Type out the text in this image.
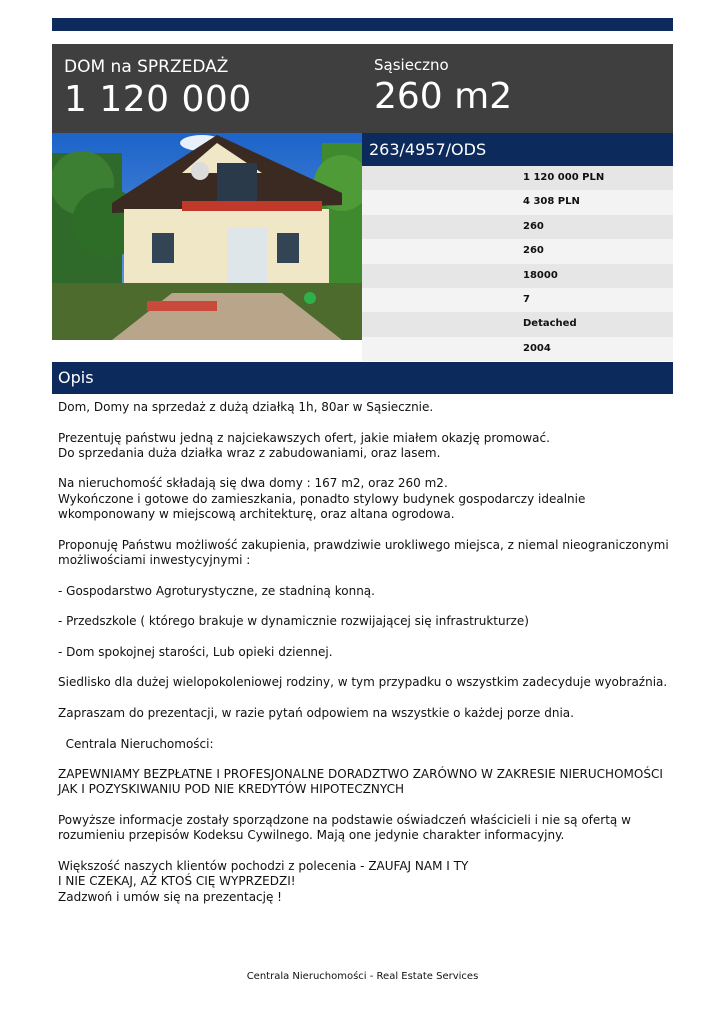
DOM na SPRZEDAŻ
1 120 000
Sąsieczno
260 m2
263/4957/ODS
1 120 000 PLN
4 308 PLN
260
260
18000
7
Detached
2004
Opis

Dom, Domy na sprzedaż z dużą działką 1h, 80ar w Sąsiecznie.

Prezentuję państwu jedną z najciekawszych ofert, jakie miałem okazję promować.
Do sprzedania duża działka wraz z zabudowaniami, oraz lasem.

Na nieruchomość składają się dwa domy : 167 m2, oraz 260 m2.
Wykończone i gotowe do zamieszkania, ponadto stylowy budynek gospodarczy idealnie wkomponowany w miejscową architekturę, oraz altana ogrodowa.

Proponuję Państwu możliwość zakupienia, prawdziwie urokliwego miejsca, z niemal nieograniczonymi możliwościami inwestycyjnymi :

- Gospodarstwo Agroturystyczne, ze stadniną konną.

- Przedszkole ( którego brakuje w dynamicznie rozwijającej się infrastrukturze)

- Dom spokojnej starości, Lub opieki dziennej.

Siedlisko dla dużej wielopokoleniowej rodziny, w tym przypadku o wszystkim zadecyduje wyobraźnia.

Zapraszam do prezentacji, w razie pytań odpowiem na wszystkie o każdej porze dnia.

Centrala Nieruchomości:

ZAPEWNIAMY BEZPŁATNE I PROFESJONALNE DORADZTWO ZARÓWNO W ZAKRESIE NIERUCHOMOŚCI JAK I POZYSKIWANIU POD NIE KREDYTÓW HIPOTECZNYCH

Powyższe informacje zostały sporządzone na podstawie oświadczeń właścicieli i nie są ofertą w rozumieniu przepisów Kodeksu Cywilnego. Mają one jedynie charakter informacyjny.

Większość naszych klientów pochodzi z polecenia - ZAUFAJ NAM I TY
I NIE CZEKAJ, AŻ KTOŚ CIĘ WYPRZEDZI!
Zadzwoń i umów się na prezentację !

Centrala Nieruchomości - Real Estate Services
